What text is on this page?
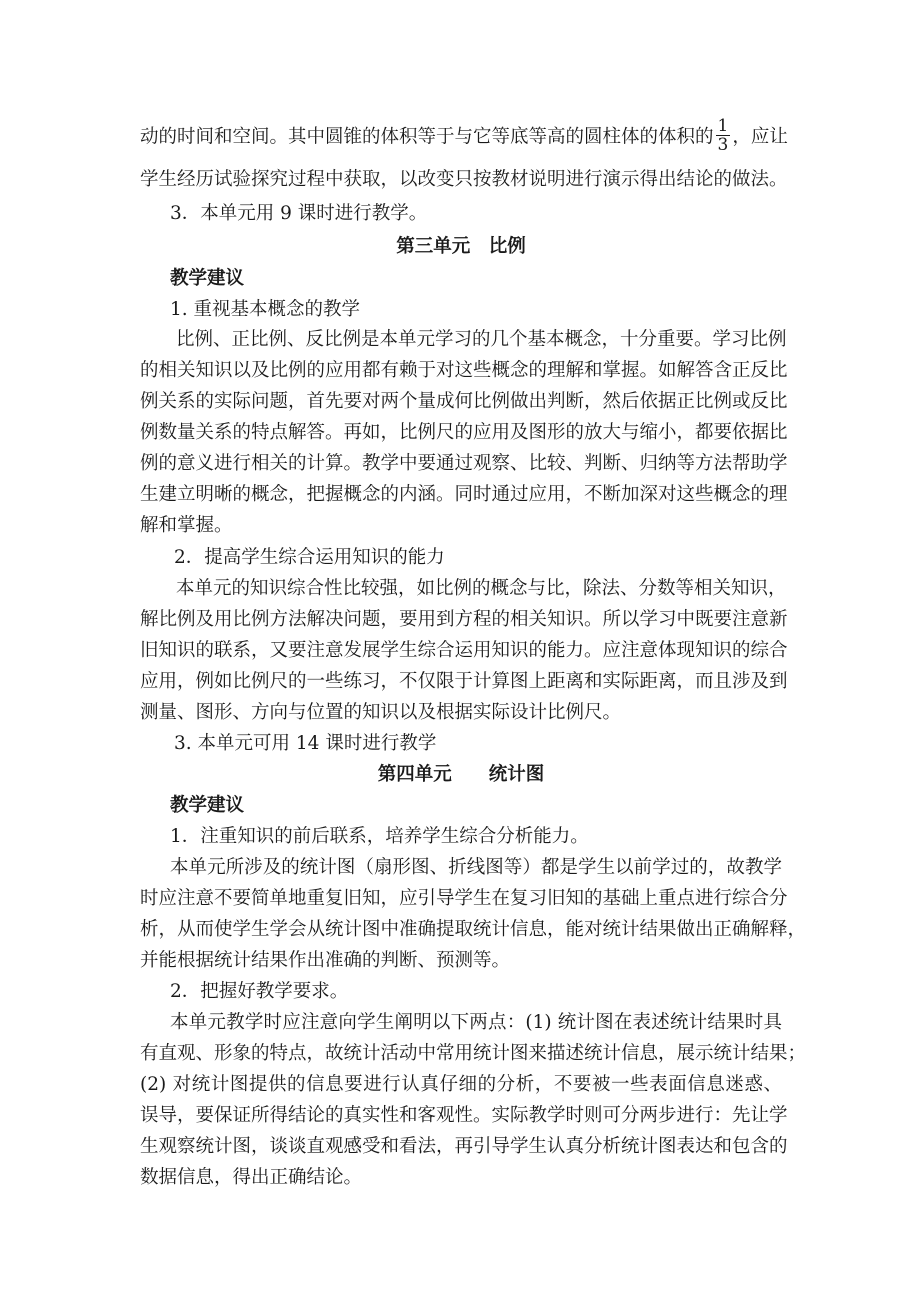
动的时间和空间。其中圆锥的体积等于与它等底等高的圆柱体的体积的 $\frac{1}{3}$ ，应让
学生经历试验探究过程中获取，以改变只按教材说明进行演示得出结论的做法。
3．本单元用 9 课时进行教学。
第三单元　比例
教学建议
1. 重视基本概念的教学
比例、正比例、反比例是本单元学习的几个基本概念，十分重要。学习比例
的相关知识以及比例的应用都有赖于对这些概念的理解和掌握。如解答含正反比
例关系的实际问题，首先要对两个量成何比例做出判断，然后依据正比例或反比
例数量关系的特点解答。再如，比例尺的应用及图形的放大与缩小，都要依据比
例的意义进行相关的计算。教学中要通过观察、比较、判断、归纳等方法帮助学
生建立明晰的概念，把握概念的内涵。同时通过应用，不断加深对这些概念的理
解和掌握。
2．提高学生综合运用知识的能力
本单元的知识综合性比较强，如比例的概念与比，除法、分数等相关知识，
解比例及用比例方法解决问题，要用到方程的相关知识。所以学习中既要注意新
旧知识的联系，又要注意发展学生综合运用知识的能力。应注意体现知识的综合
应用，例如比例尺的一些练习，不仅限于计算图上距离和实际距离，而且涉及到
测量、图形、方向与位置的知识以及根据实际设计比例尺。
3. 本单元可用 14 课时进行教学
第四单元　　统计图
教学建议
1．注重知识的前后联系，培养学生综合分析能力。
本单元所涉及的统计图（扇形图、折线图等）都是学生以前学过的，故教学
时应注意不要简单地重复旧知，应引导学生在复习旧知的基础上重点进行综合分
析，从而使学生学会从统计图中准确提取统计信息，能对统计结果做出正确解释，
并能根据统计结果作出准确的判断、预测等。
2．把握好教学要求。
本单元教学时应注意向学生阐明以下两点：(1) 统计图在表述统计结果时具
有直观、形象的特点，故统计活动中常用统计图来描述统计信息，展示统计结果；
(2) 对统计图提供的信息要进行认真仔细的分析，不要被一些表面信息迷惑、
误导，要保证所得结论的真实性和客观性。实际教学时则可分两步进行：先让学
生观察统计图，谈谈直观感受和看法，再引导学生认真分析统计图表达和包含的
数据信息，得出正确结论。
